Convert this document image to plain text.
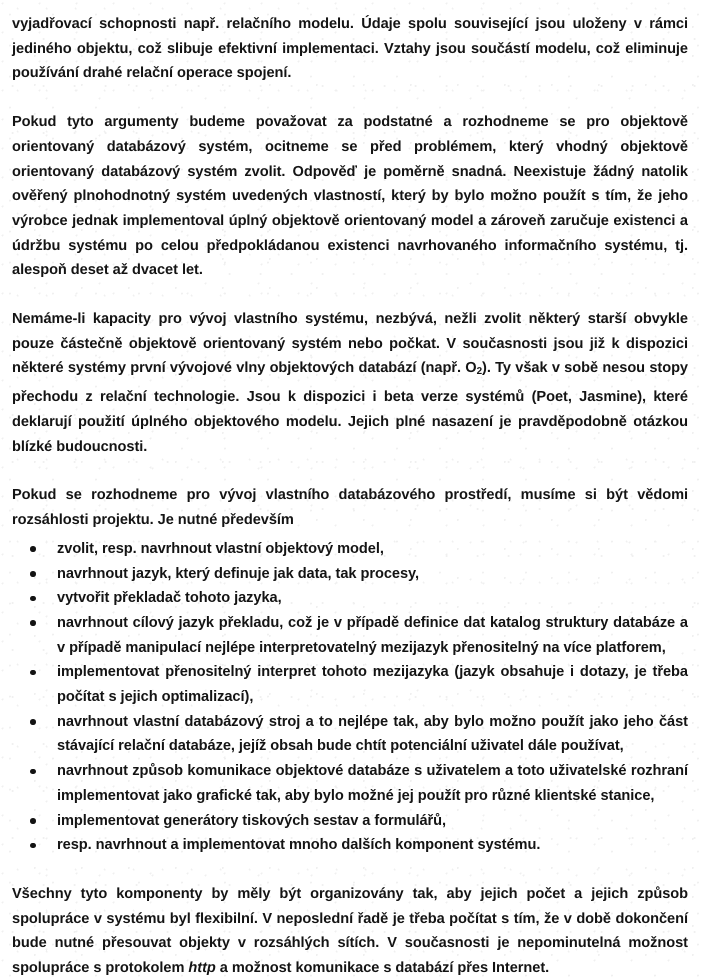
vyjadřovací schopnosti např. relačního modelu. Údaje spolu související jsou uloženy v rámci jediného objektu, což slibuje efektivní implementaci. Vztahy jsou součástí modelu, což eliminuje používání drahé relační operace spojení.

Pokud tyto argumenty budeme považovat za podstatné a rozhodneme se pro objektově orientovaný databázový systém, ocitneme se před problémem, který vhodný objektově orientovaný databázový systém zvolit. Odpověď je poměrně snadná. Neexistuje žádný natolik ověřený plnohodnotný systém uvedených vlastností, který by bylo možno použít s tím, že jeho výrobce jednak implementoval úplný objektově orientovaný model a zároveň zaručuje existenci a údržbu systému po celou předpokládanou existenci navrhovaného informačního systému, tj. alespoň deset až dvacet let.

Nemáme-li kapacity pro vývoj vlastního systému, nezbývá, nežli zvolit některý starší obvykle pouze částečně objektově orientovaný systém nebo počkat. V současnosti jsou již k dispozici některé systémy první vývojové vlny objektových databází (např. $O_2$). Ty však v sobě nesou stopy přechodu z relační technologie. Jsou k dispozici i beta verze systémů (Poet, Jasmine), které deklarují použití úplného objektového modelu. Jejich plné nasazení je pravděpodobně otázkou blízké budoucnosti.

Pokud se rozhodneme pro vývoj vlastního databázového prostředí, musíme si být vědomi rozsáhlosti projektu. Je nutné především

zvolit, resp. navrhnout vlastní objektový model,
navrhnout jazyk, který definuje jak data, tak procesy,
vytvořit překladač tohoto jazyka,
navrhnout cílový jazyk překladu, což je v případě definice dat katalog struktury databáze a v případě manipulací nejlépe interpretovatelný mezijazyk přenositelný na více platforem,
implementovat přenositelný interpret tohoto mezijazyka (jazyk obsahuje i dotazy, je třeba počítat s jejich optimalizací),
navrhnout vlastní databázový stroj a to nejlépe tak, aby bylo možno použít jako jeho část stávající relační databáze, jejíž obsah bude chtít potenciální uživatel dále používat,
navrhnout způsob komunikace objektové databáze s uživatelem a toto uživatelské rozhraní implementovat jako grafické tak, aby bylo možné jej použít pro různé klientské stanice,
implementovat generátory tiskových sestav a formulářů,
resp. navrhnout a implementovat mnoho dalších komponent systému.

Všechny tyto komponenty by měly být organizovány tak, aby jejich počet a jejich způsob spolupráce v systému byl flexibilní. V neposlední řadě je třeba počítat s tím, že v době dokončení bude nutné přesouvat objekty v rozsáhlých sítích. V současnosti je nepominutelná možnost spolupráce s protokolem http a možnost komunikace s databází přes Internet.
